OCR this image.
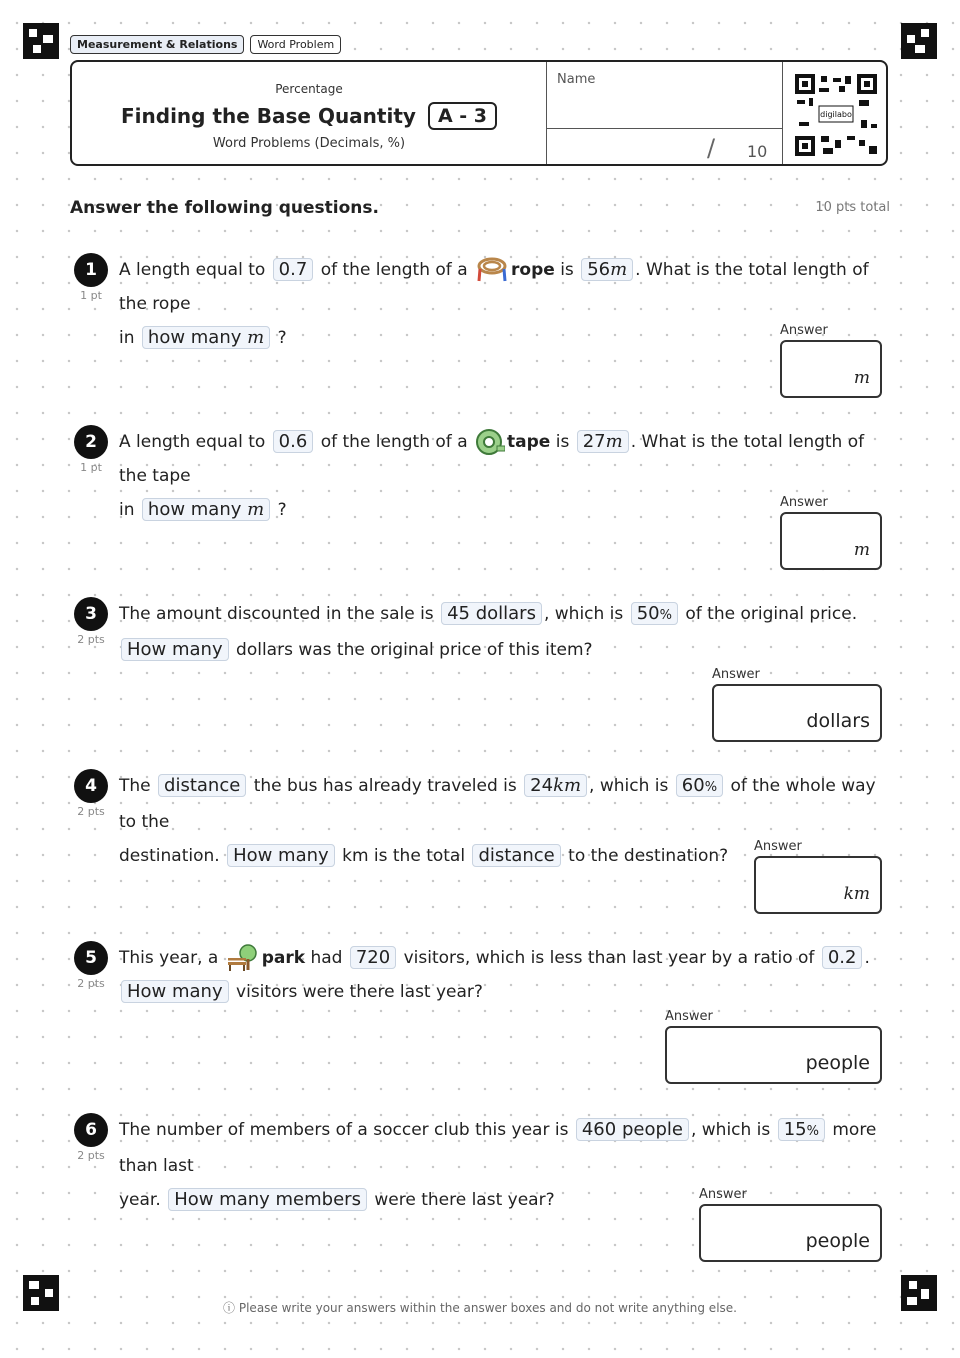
Measurement & Relations	Word Problem
Percentage
Finding the Base Quantity	A - 3
Word Problems (Decimals, %)
Name
/ 10
digilabo
Answer the following questions.	10 pts total
1
1 pt
A length equal to 0.7 of the length of a	rope is 56m . What is the total length of the rope
in how many m ?	Answer
m
2
1 pt
A length equal to 0.6 of the length of a tape is 27m . What is the total length of the tape
in how many m ?	Answer
m
3
2 pts
The amount discounted in the sale is 45 dollars , which is 50% of the original price.
How many dollars was the original price of this item?
Answer
dollars
4
2 pts
The distance the bus has already traveled is 24km , which is 60% of the whole way to the
destination. How many km is the total distance to the destination?	Answer
km
5
2 pts
This year, a	park had 720 visitors, which is less than last year by a ratio of 0.2 .
How many visitors were there last year?
Answer
people
6
2 pts
The number of members of a soccer club this year is 460 people , which is 15% more than last
year. How many members were there last year?	Answer
people
ⓘ Please write your answers within the answer boxes and do not write anything else.
